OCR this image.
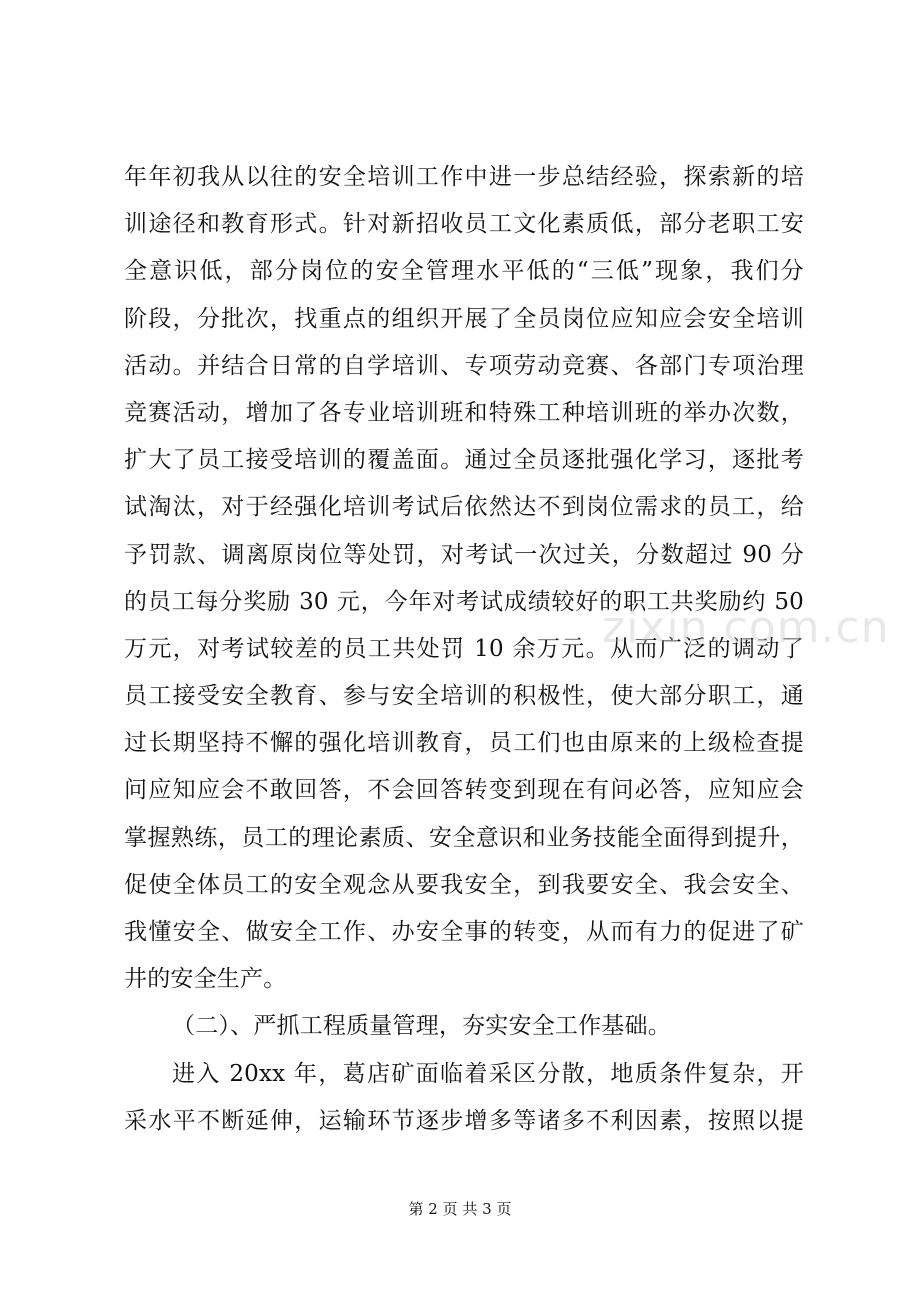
年年初我从以往的安全培训工作中进一步总结经验，探索新的培
训途径和教育形式。针对新招收员工文化素质低，部分老职工安
全意识低，部分岗位的安全管理水平低的“三低”现象，我们分
阶段，分批次，找重点的组织开展了全员岗位应知应会安全培训
活动。并结合日常的自学培训、专项劳动竞赛、各部门专项治理
竞赛活动，增加了各专业培训班和特殊工种培训班的举办次数，
扩大了员工接受培训的覆盖面。通过全员逐批强化学习，逐批考
试淘汰，对于经强化培训考试后依然达不到岗位需求的员工，给
予罚款、调离原岗位等处罚，对考试一次过关，分数超过 90 分
的员工每分奖励 30 元，今年对考试成绩较好的职工共奖励约 50
万元，对考试较差的员工共处罚 10 余万元。从而广泛的调动了
员工接受安全教育、参与安全培训的积极性，使大部分职工，通
过长期坚持不懈的强化培训教育，员工们也由原来的上级检查提
问应知应会不敢回答，不会回答转变到现在有问必答，应知应会
掌握熟练，员工的理论素质、安全意识和业务技能全面得到提升，
促使全体员工的安全观念从要我安全，到我要安全、我会安全、
我懂安全、做安全工作、办安全事的转变，从而有力的促进了矿
井的安全生产。
（二）、严抓工程质量管理，夯实安全工作基础。
进入 20xx 年，葛店矿面临着采区分散，地质条件复杂，开
采水平不断延伸，运输环节逐步增多等诸多不利因素，按照以提
zixin.com.cn
第 2 页 共 3 页
